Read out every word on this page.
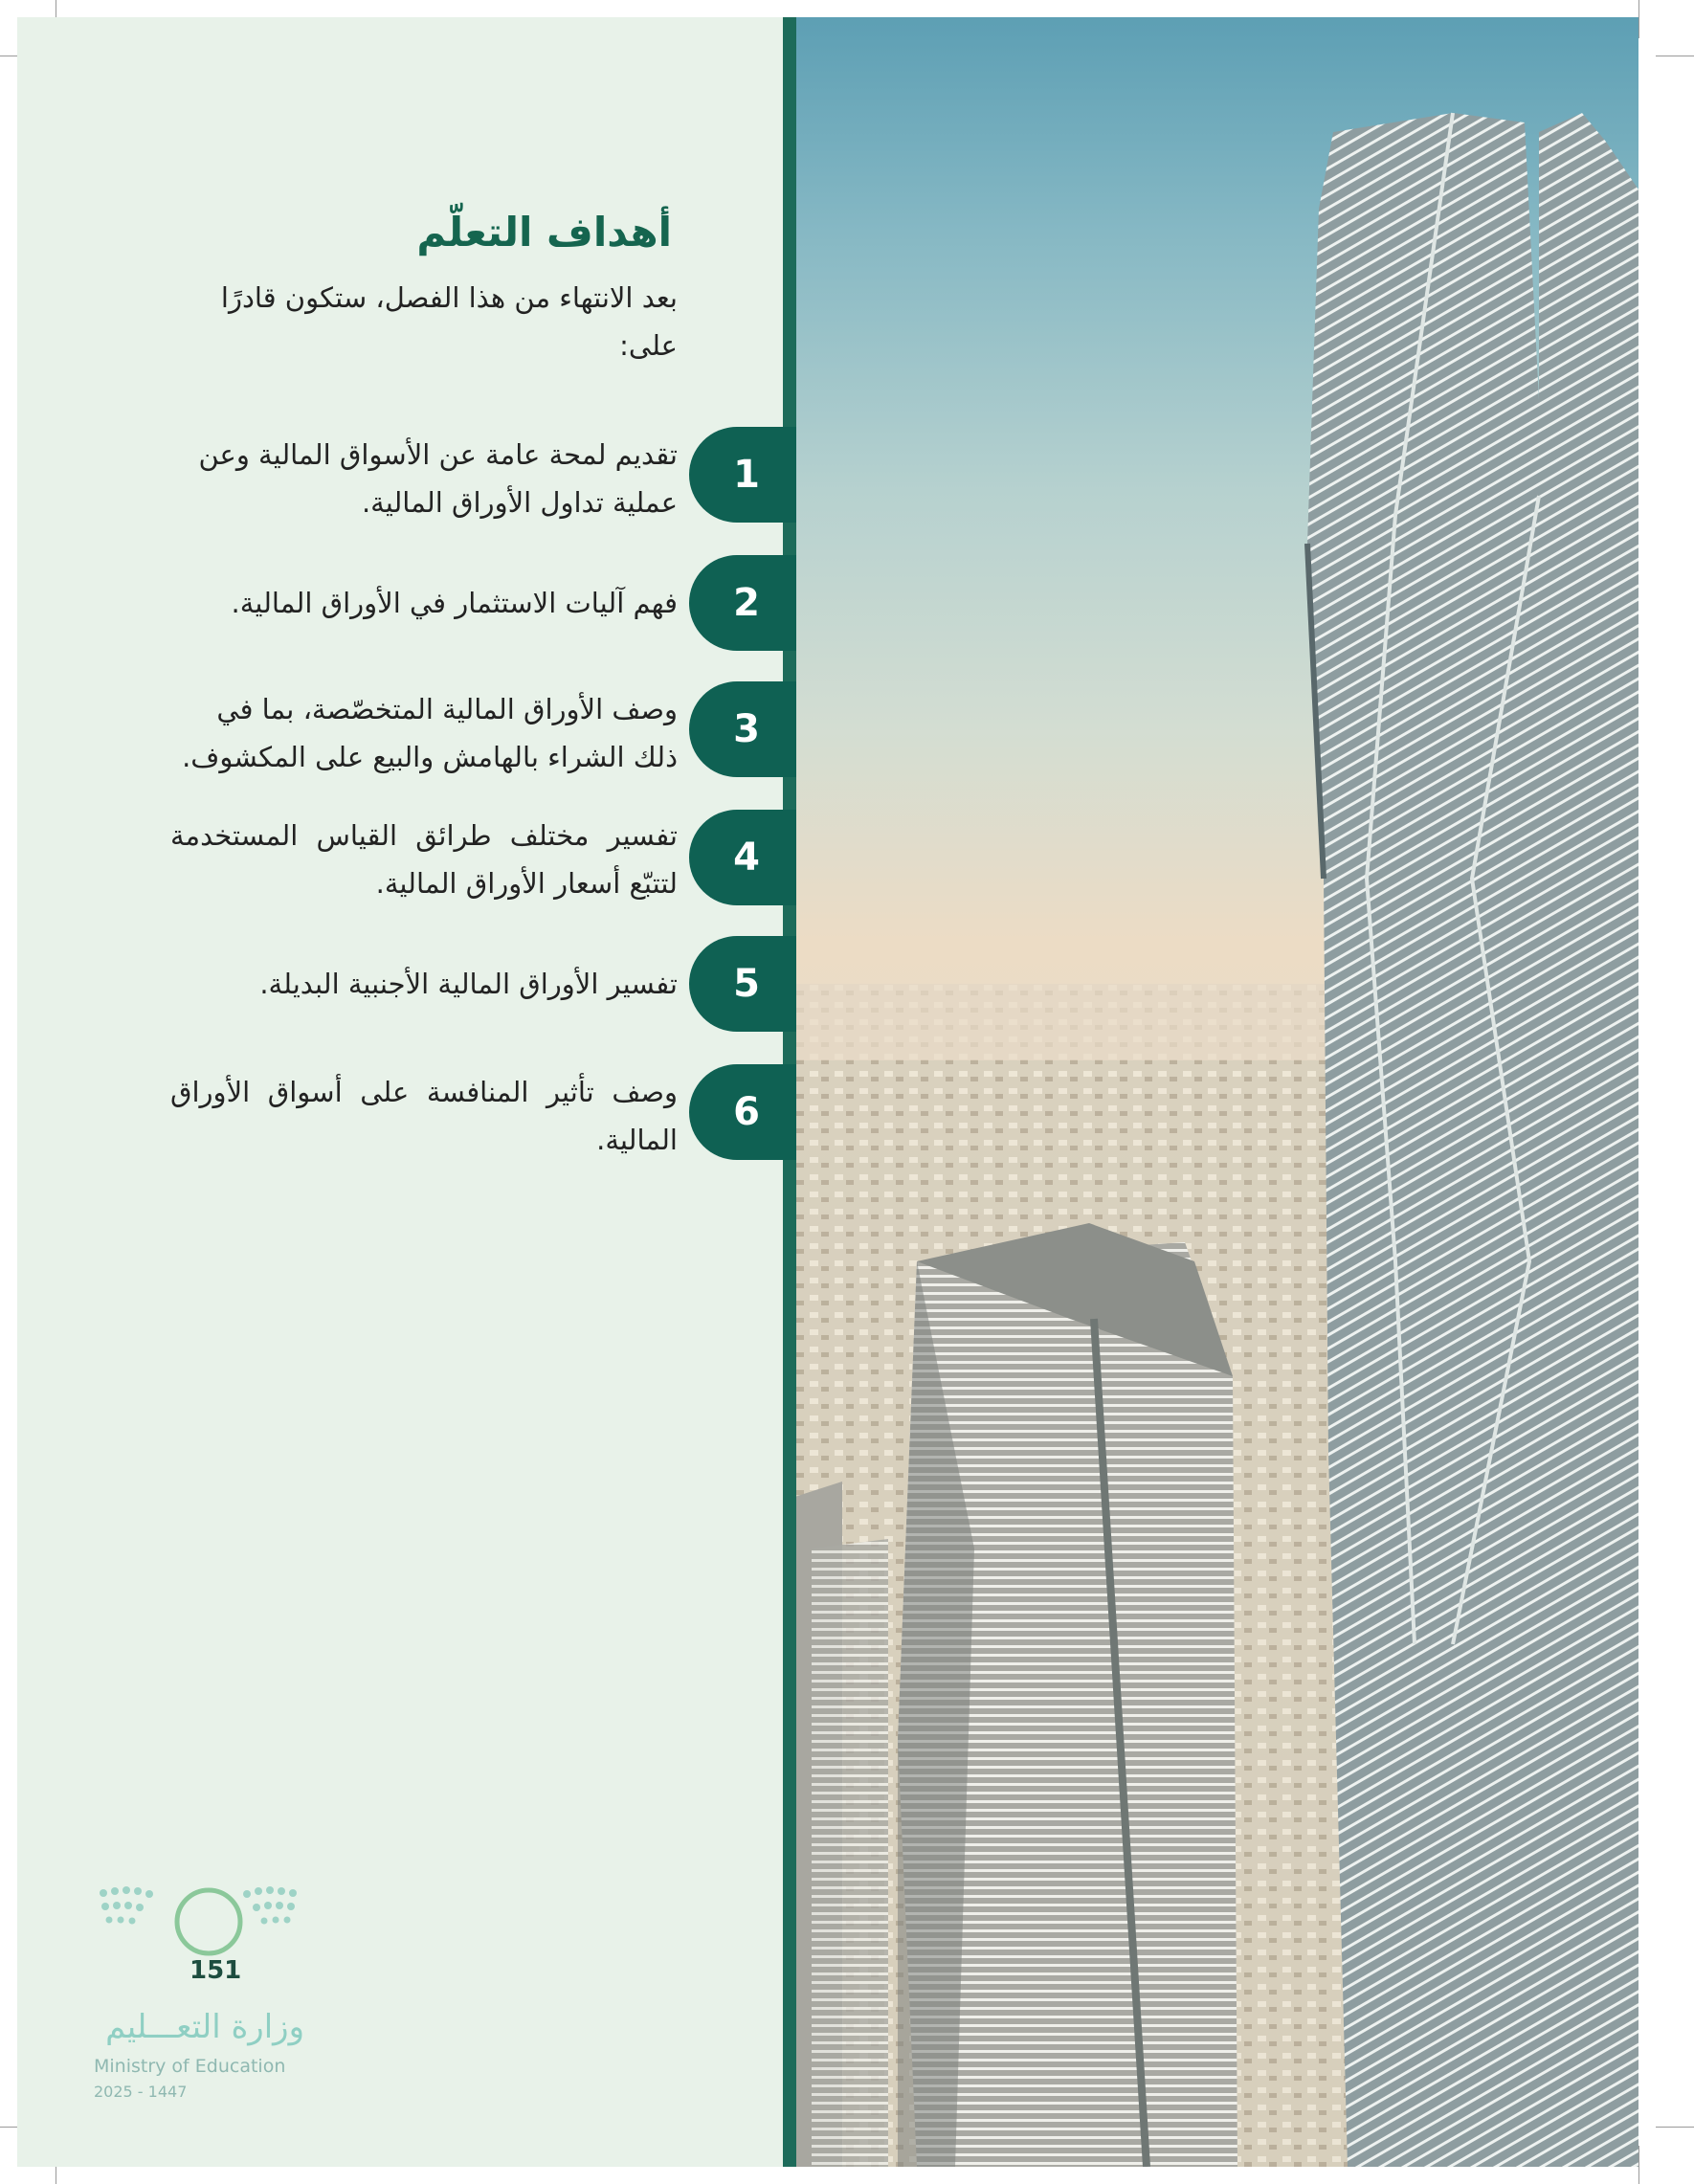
أهداف التعلّم

بعد الانتهاء من هذا الفصل، ستكون قادرًا على:

تقديم لمحة عامة عن الأسواق المالية وعن عملية تداول الأوراق المالية.

1

فهم آليات الاستثمار في الأوراق المالية.	2

وصف الأوراق المالية المتخصّصة، بما في ذلك الشراء بالهامش والبيع على المكشوف.

3

تفسير مختلف طرائق القياس المستخدمة لتتبّع أسعار الأوراق المالية.

4

تفسير الأوراق المالية الأجنبية البديلة.	5

وصف تأثير المنافسة على أسواق الأوراق المالية.

6
151
وزارة التعـــليم
Ministry of Education
2025 - 1447
